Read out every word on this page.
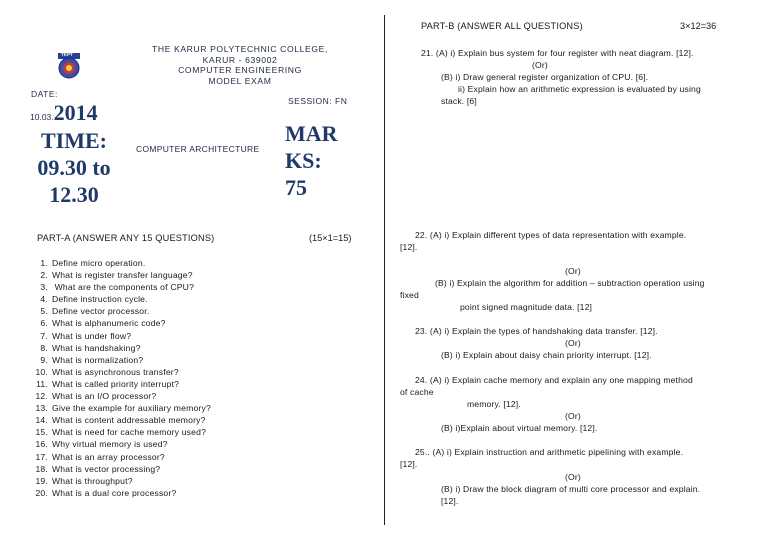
TKPT
THE KARUR POLYTECHNIC COLLEGE,
KARUR - 639002
COMPUTER ENGINEERING
MODEL EXAM
DATE:
SESSION: FN
10.03.2014
TIME:
09.30 to
12.30
COMPUTER ARCHITECTURE
MAR
KS:
75
PART-A (ANSWER ANY 15 QUESTIONS)	(15×1=15)
1. Define micro operation.
2. What is register transfer language?
3. What are the components of CPU?
4. Define instruction cycle.
5. Define vector processor.
6. What is alphanumeric code?
7. What is under flow?
8. What is handshaking?
9. What is normalization?
10. What is asynchronous transfer?
11. What is called priority interrupt?
12. What is an I/O processor?
13. Give the example for auxiliary memory?
14. What is content addressable memory?
15. What is need for cache memory used?
16. Why virtual memory is used?
17. What is an array processor?
18. What is vector processing?
19. What is throughput?
20. What is a dual core processor?
PART-B (ANSWER ALL QUESTIONS)	3×12=36
21. (A) i) Explain bus system for four register with neat diagram. [12].
(Or)
(B) i) Draw general register organization of CPU. [6].
ii) Explain how an arithmetic expression is evaluated by using
stack. [6]
22. (A) i) Explain different types of data representation with example.
[12].
(Or)
(B) i) Explain the algorithm for addition – subtraction operation using
fixed
point signed magnitude data. [12]
23. (A) i) Explain the types of handshaking data transfer. [12].
(Or)
(B) i) Explain about daisy chain priority interrupt. [12].
24. (A) i) Explain cache memory and explain any one mapping method
of cache
memory. [12].
(Or)
(B) i)Explain about virtual memory. [12].
25.. (A) i) Explain instruction and arithmetic pipelining with example.
[12].
(Or)
(B) i) Draw the block diagram of multi core processor and explain.
[12].
